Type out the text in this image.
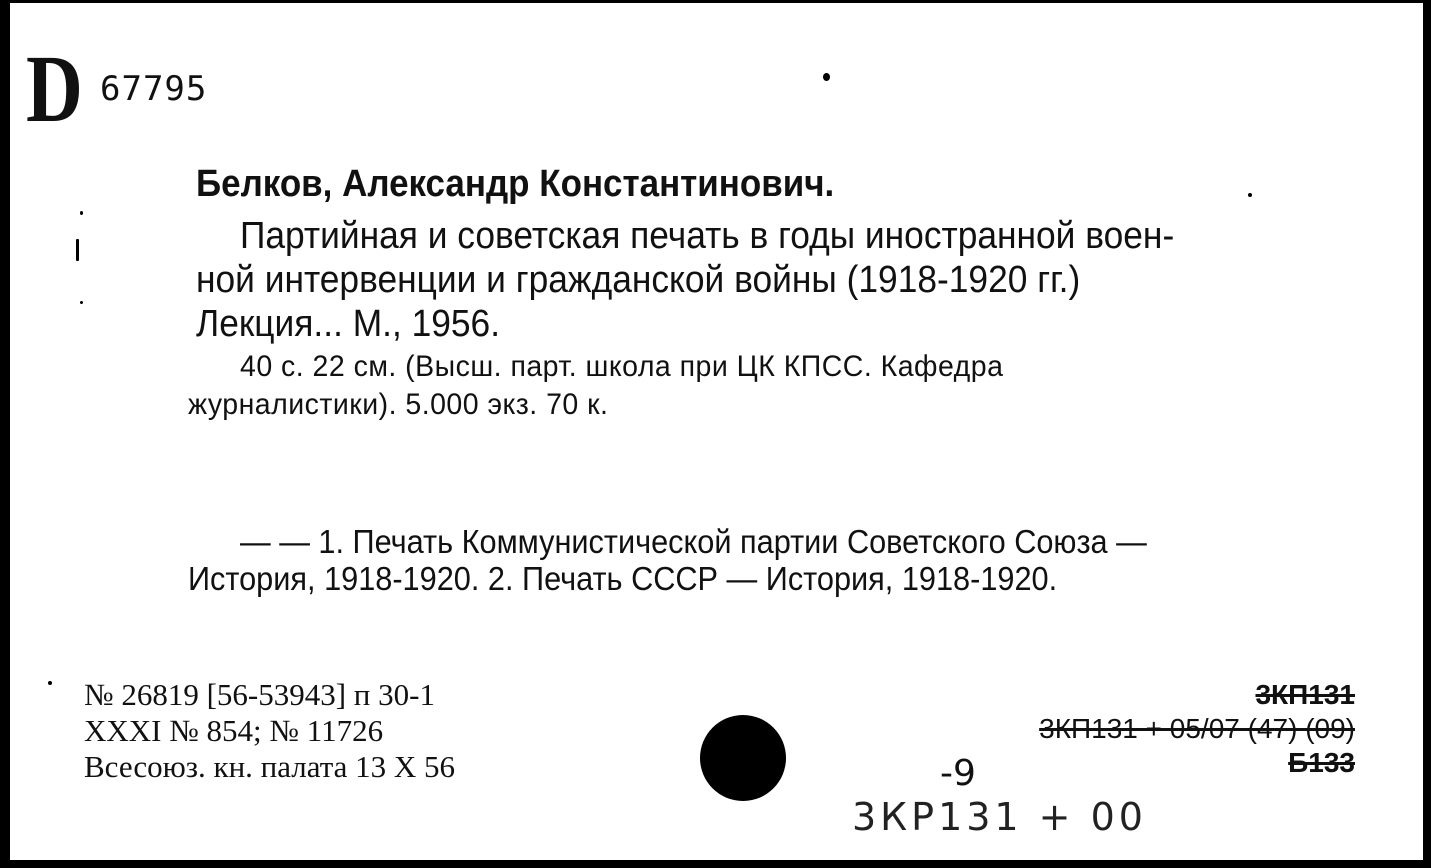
D 67795
Белков, Александр Константинович.
Партийная и советская печать в годы иностранной воен-
ной интервенции и гражданской войны (1918-1920 гг.)
Лекция... М., 1956.
40 с. 22 см. (Высш. парт. школа при ЦК КПСС. Кафедра
журналистики). 5.000 экз. 70 к.
— — 1. Печать Коммунистической партии Советского Союза —
История, 1918-1920. 2. Печать СССР — История, 1918-1920.
№ 26819 [56-53943] п 30-1
XXXI № 854; № 11726
Всесоюз. кн. палата 13 Х 56
3КП131
3КП131 + 05/07 (47) (09)
Б133
-9
3КР131 + 00
